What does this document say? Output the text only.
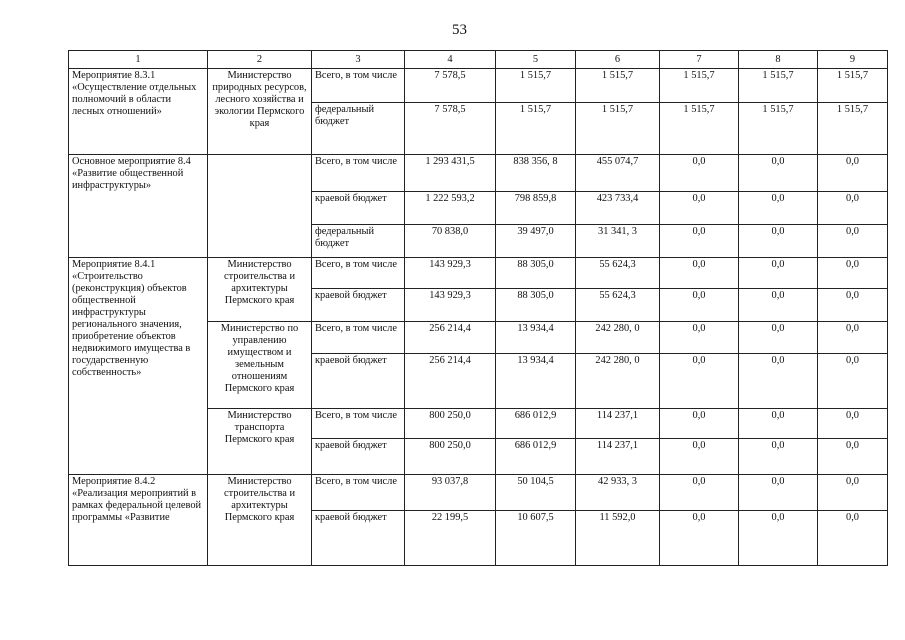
53
1	2	3	4	5	6	7	8	9
Мероприятие 8.3.1 «Осуществление отдельных полномочий в области лесных отношений»	Министерство природных ресурсов, лесного хозяйства и экологии Пермского края	Всего, в том числе	7 578,5	1 515,7	1 515,7	1 515,7	1 515,7	1 515,7
		федеральный бюджет	7 578,5	1 515,7	1 515,7	1 515,7	1 515,7	1 515,7
Основное мероприятие 8.4 «Развитие общественной инфраструктуры»		Всего, в том числе	1 293 431,5	838 356, 8	455 074,7	0,0	0,0	0,0
		краевой бюджет	1 222 593,2	798 859,8	423 733,4	0,0	0,0	0,0
		федеральный бюджет	70 838,0	39 497,0	31 341, 3	0,0	0,0	0,0
Мероприятие 8.4.1 «Строительство (реконструкция) объектов общественной инфраструктуры регионального значения, приобретение объектов недвижимого имущества в государственную собственность»	Министерство строительства и архитектуры Пермского края	Всего, в том числе	143 929,3	88 305,0	55 624,3	0,0	0,0	0,0
		краевой бюджет	143 929,3	88 305,0	55 624,3	0,0	0,0	0,0
	Министерство по управлению имуществом и земельным отношениям Пермского края	Всего, в том числе	256 214,4	13 934,4	242 280, 0	0,0	0,0	0,0
		краевой бюджет	256 214,4	13 934,4	242 280, 0	0,0	0,0	0,0
	Министерство транспорта Пермского края	Всего, в том числе	800 250,0	686 012,9	114 237,1	0,0	0,0	0,0
		краевой бюджет	800 250,0	686 012,9	114 237,1	0,0	0,0	0,0
Мероприятие 8.4.2 «Реализация мероприятий в рамках федеральной целевой программы «Развитие	Министерство строительства и архитектуры Пермского края	Всего, в том числе	93 037,8	50 104,5	42 933, 3	0,0	0,0	0,0
		краевой бюджет	22 199,5	10 607,5	11 592,0	0,0	0,0	0,0
